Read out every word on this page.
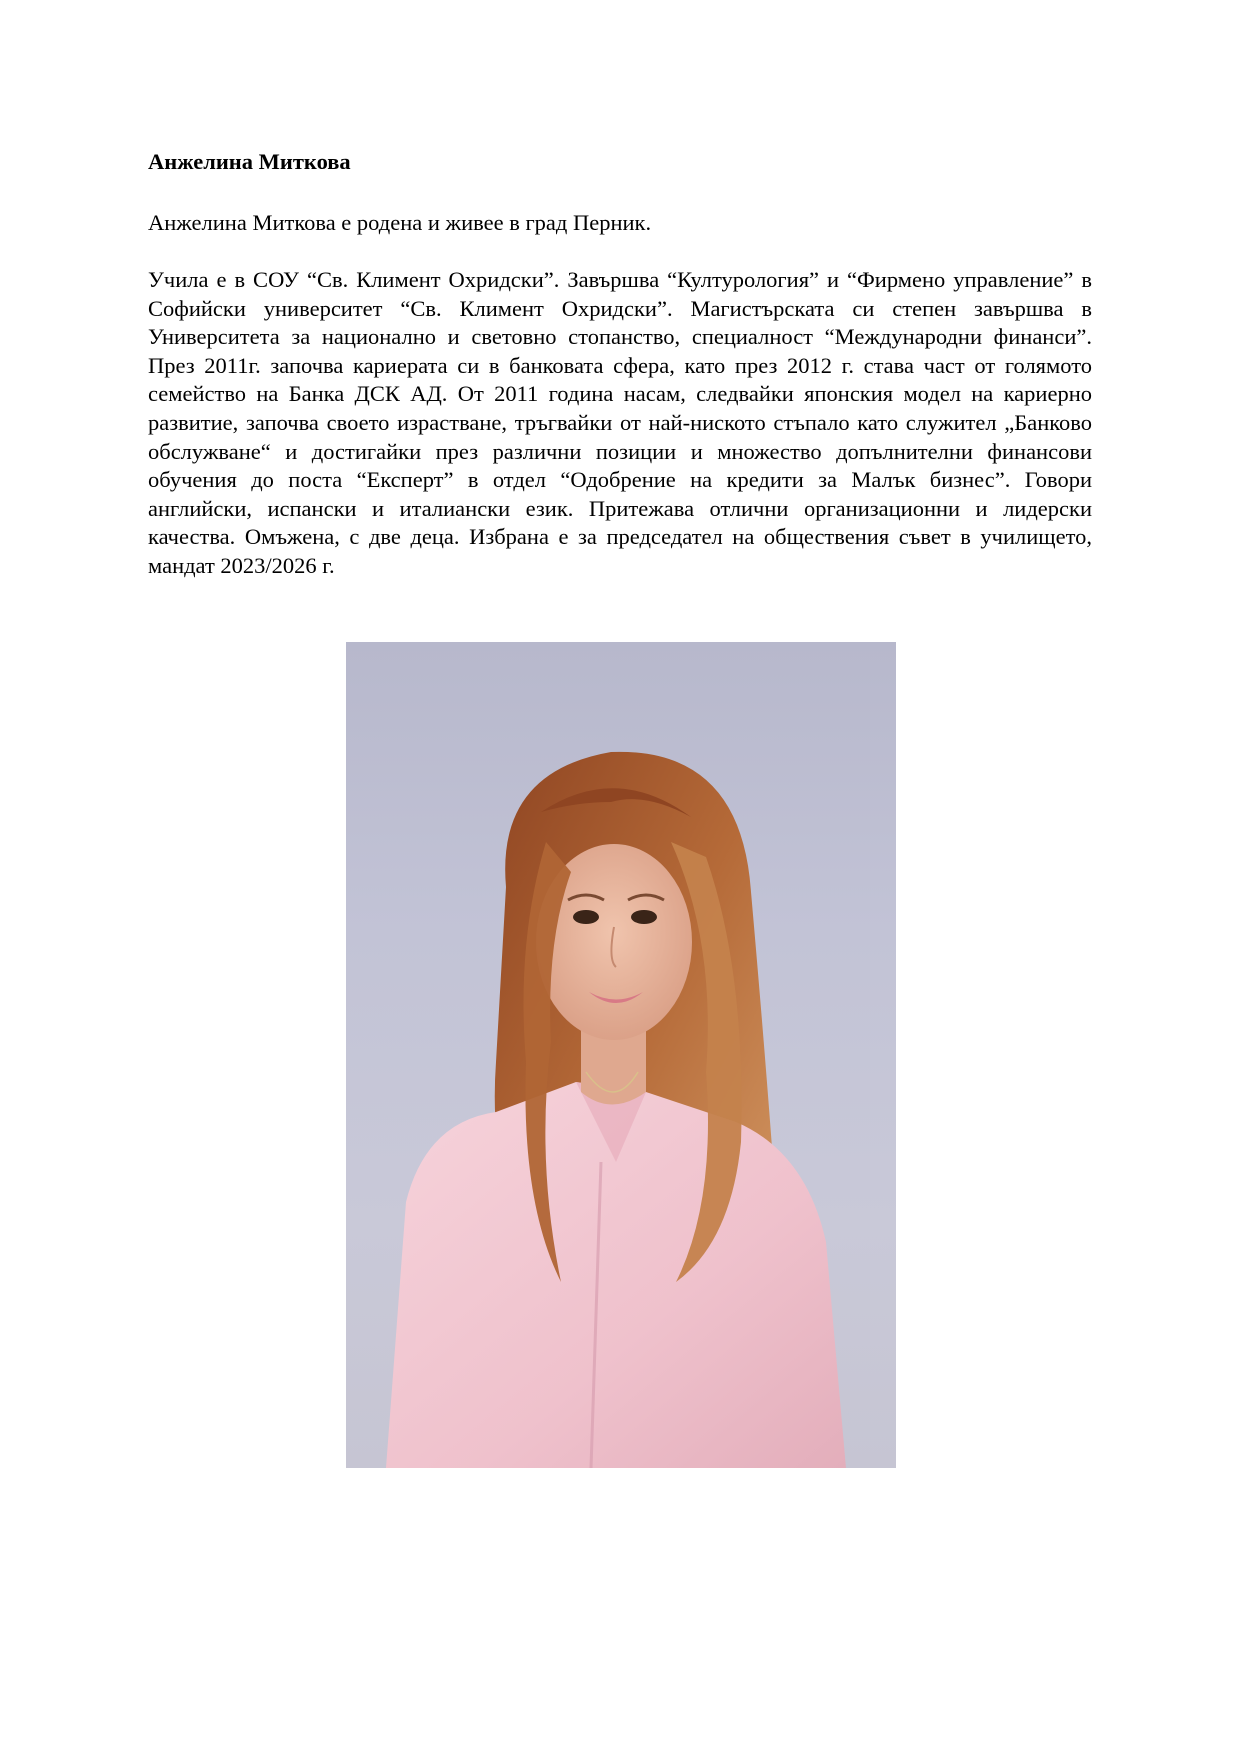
Анжелина Миткова

Анжелина Миткова е родена и живее в град Перник.

Учила е в СОУ “Св. Климент Охридски”. Завършва “Културология” и “Фирмено управление” в Софийски университет “Св. Климент Охридски”. Магистърската си степен завършва в Университета за национално и световно стопанство, специалност “Международни финанси”. През 2011г. започва кариерата си в банковата сфера, като през 2012 г. става част от голямото семейство на Банка ДСК АД. От 2011 година насам, следвайки японския модел на кариерно развитие, започва своето израстване, тръгвайки от най-ниското стъпало като служител „Банково обслужване“ и достигайки през различни позиции и множество допълнителни финансови обучения до поста “Експерт” в отдел “Одобрение на кредити за Малък бизнес”. Говори английски, испански и италиански език. Притежава отлични организационни и лидерски качества. Омъжена, с две деца. Избрана е за председател на обществения съвет в училището, мандат 2023/2026 г.
